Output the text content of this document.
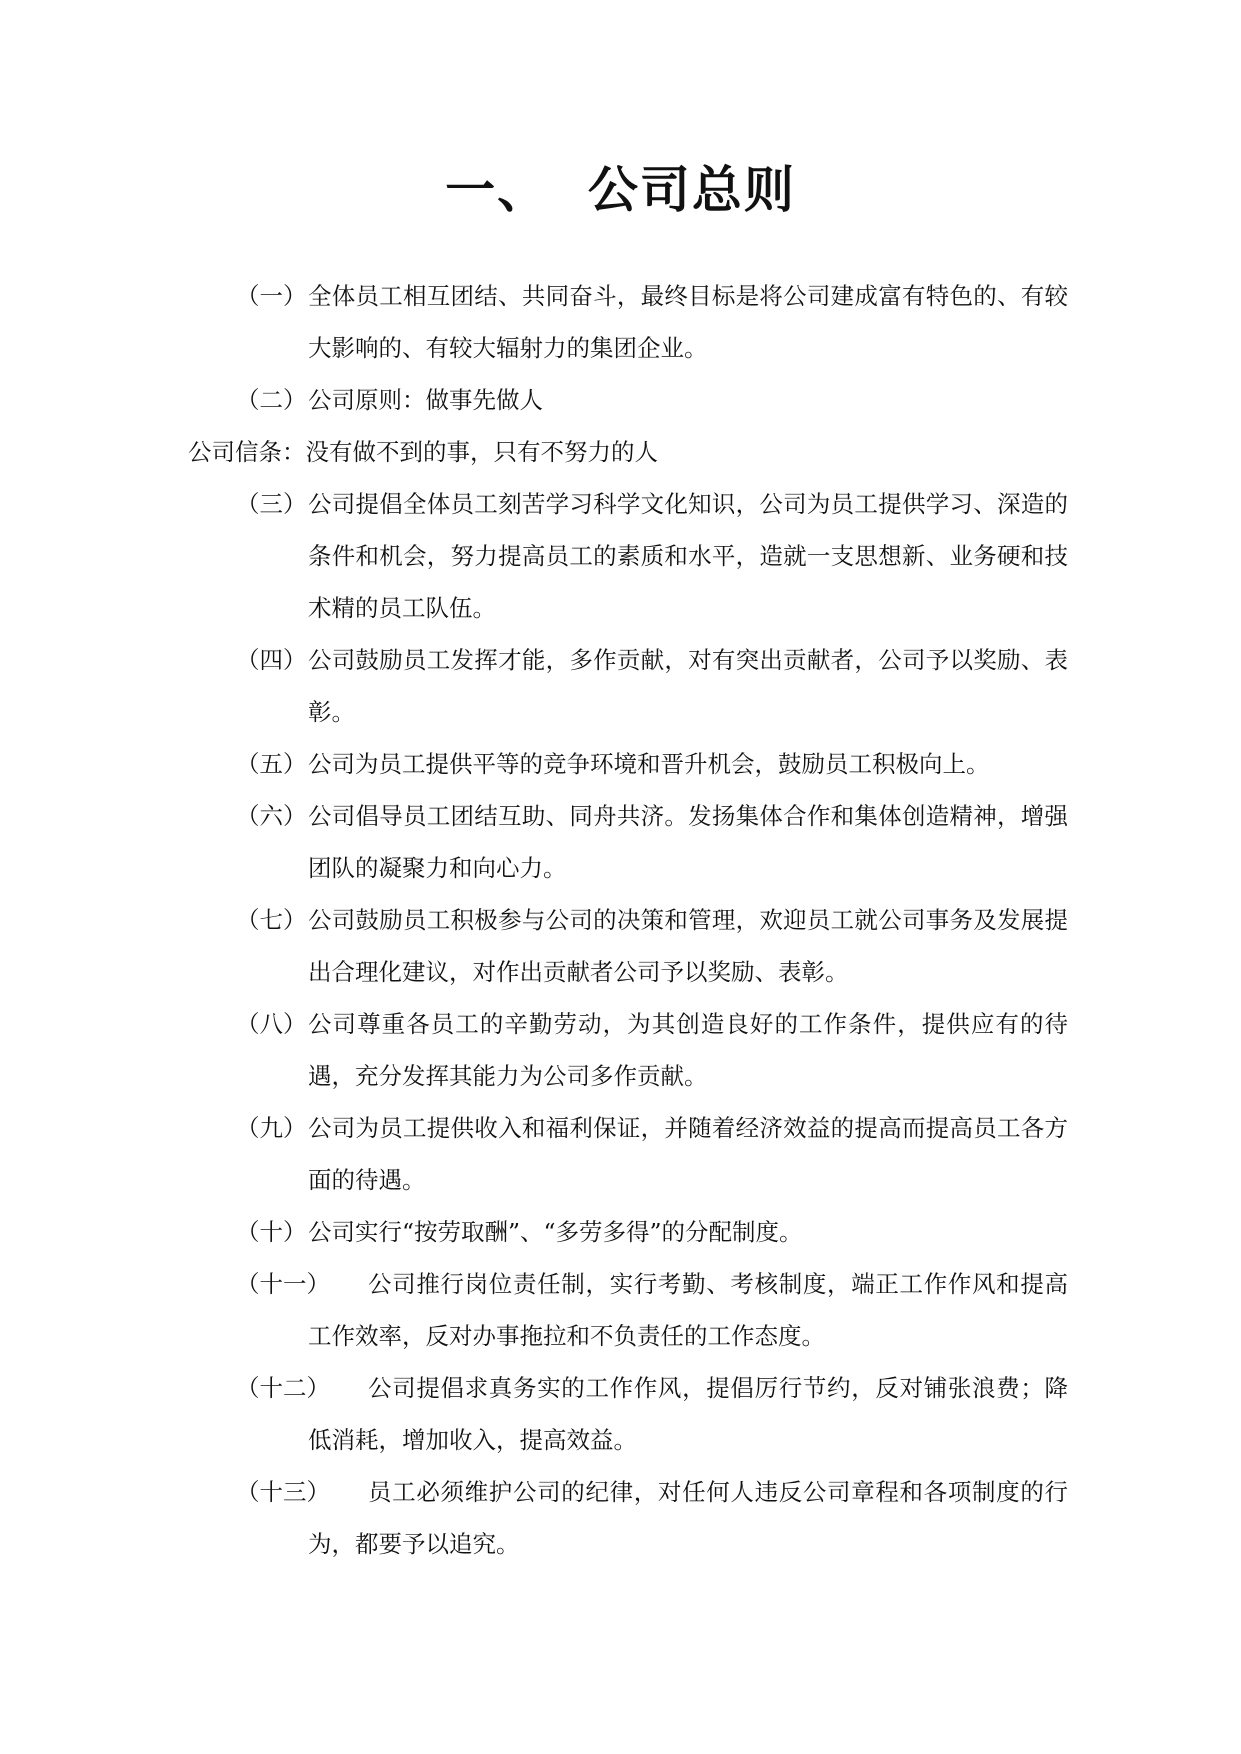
一、  公司总则

（一） 全体员工相互团结、共同奋斗，最终目标是将公司建成富有特色的、有较大影响的、有较大辐射力的集团企业。

（二） 公司原则：做事先做人

公司信条：没有做不到的事，只有不努力的人

（三） 公司提倡全体员工刻苦学习科学文化知识，公司为员工提供学习、深造的条件和机会，努力提高员工的素质和水平，造就一支思想新、业务硬和技术精的员工队伍。

（四） 公司鼓励员工发挥才能，多作贡献，对有突出贡献者，公司予以奖励、表彰。

（五） 公司为员工提供平等的竞争环境和晋升机会，鼓励员工积极向上。

（六） 公司倡导员工团结互助、同舟共济。发扬集体合作和集体创造精神，增强团队的凝聚力和向心力。

（七） 公司鼓励员工积极参与公司的决策和管理，欢迎员工就公司事务及发展提出合理化建议，对作出贡献者公司予以奖励、表彰。

（八） 公司尊重各员工的辛勤劳动，为其创造良好的工作条件，提供应有的待遇，充分发挥其能力为公司多作贡献。

（九） 公司为员工提供收入和福利保证，并随着经济效益的提高而提高员工各方面的待遇。

（十） 公司实行“按劳取酬”、“多劳多得”的分配制度。

（十一）	公司推行岗位责任制，实行考勤、考核制度，端正工作作风和提高工作效率，反对办事拖拉和不负责任的工作态度。

（十二）	公司提倡求真务实的工作作风，提倡厉行节约，反对铺张浪费；降低消耗，增加收入，提高效益。

（十三）	员工必须维护公司的纪律，对任何人违反公司章程和各项制度的行为，都要予以追究。
